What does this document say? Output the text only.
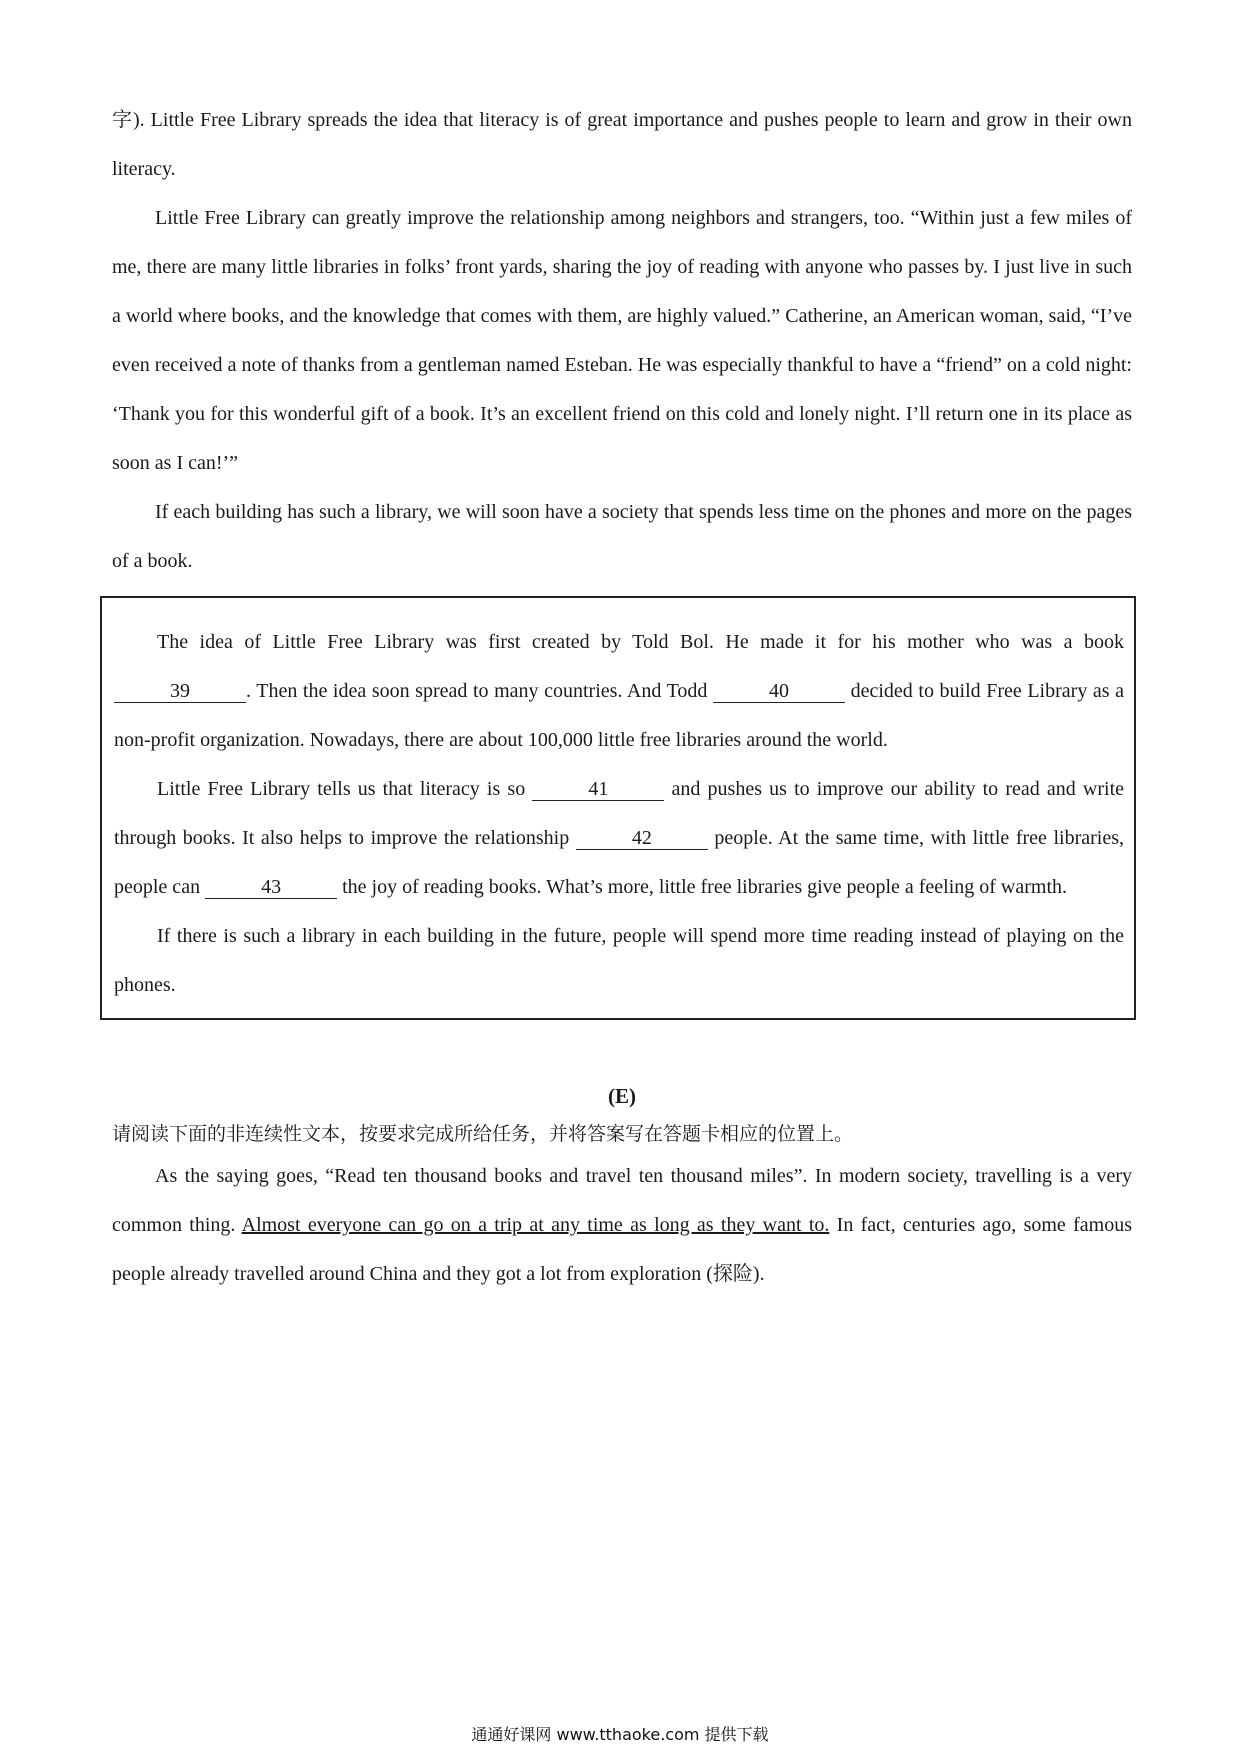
字). Little Free Library spreads the idea that literacy is of great importance and pushes people to learn and grow in their own literacy.

Little Free Library can greatly improve the relationship among neighbors and strangers, too. “Within just a few miles of me, there are many little libraries in folks’ front yards, sharing the joy of reading with anyone who passes by. I just live in such a world where books, and the knowledge that comes with them, are highly valued.” Catherine, an American woman, said, “I’ve even received a note of thanks from a gentleman named Esteban. He was especially thankful to have a “friend” on a cold night: ‘Thank you for this wonderful gift of a book. It’s an excellent friend on this cold and lonely night. I’ll return one in its place as soon as I can!’”

If each building has such a library, we will soon have a society that spends less time on the phones and more on the pages of a book.

The idea of Little Free Library was first created by Told Bol. He made it for his mother who was a book 39	. Then the idea soon spread to many countries. And Todd	40	decided to build Free Library as a non-profit organization. Nowadays, there are about 100,000 little free libraries around the world.

Little Free Library tells us that literacy is so	41	and pushes us to improve our ability to read and write through books. It also helps to improve the relationship	42	people. At the same time, with little free libraries, people can	43	the joy of reading books. What’s more, little free libraries give people a feeling of warmth.

If there is such a library in each building in the future, people will spend more time reading instead of playing on the phones.

(E)

请阅读下面的非连续性文本，按要求完成所给任务，并将答案写在答题卡相应的位置上。

As the saying goes, “Read ten thousand books and travel ten thousand miles”. In modern society, travelling is a very common thing. Almost everyone can go on a trip at any time as long as they want to. In fact, centuries ago, some famous people already travelled around China and they got a lot from exploration (探险).

通通好课网 www.tthaoke.com 提供下载
